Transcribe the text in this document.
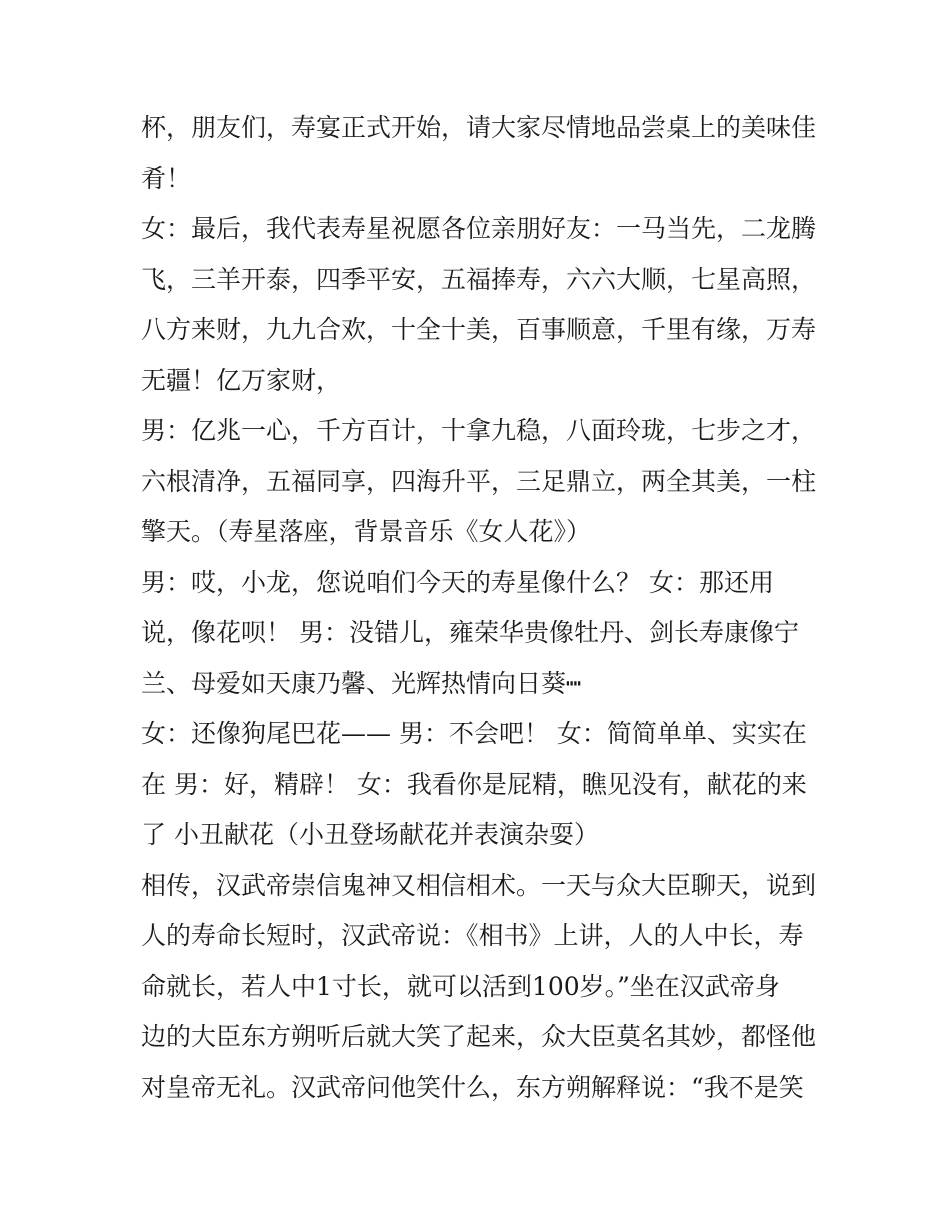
杯，朋友们，寿宴正式开始，请大家尽情地品尝桌上的美味佳
肴！
女：最后，我代表寿星祝愿各位亲朋好友：一马当先，二龙腾
飞，三羊开泰，四季平安，五福捧寿，六六大顺，七星高照，
八方来财，九九合欢，十全十美，百事顺意，千里有缘，万寿
无疆！亿万家财，
男：亿兆一心，千方百计，十拿九稳，八面玲珑，七步之才，
六根清净，五福同享，四海升平，三足鼎立，两全其美，一柱
擎天。（寿星落座，背景音乐《女人花》）
男：哎，小龙，您说咱们今天的寿星像什么？ 女：那还用
说，像花呗！ 男：没错儿，雍荣华贵像牡丹、剑长寿康像宁
兰、母爱如天康乃馨、光辉热情向日葵┉
女：还像狗尾巴花—— 男：不会吧！ 女：简简单单、实实在
在 男：好，精辟！ 女：我看你是屁精，瞧见没有，献花的来
了 小丑献花（小丑登场献花并表演杂耍）
相传，汉武帝崇信鬼神又相信相术。一天与众大臣聊天，说到
人的寿命长短时，汉武帝说：《相书》上讲，人的人中长，寿
命就长，若人中1寸长，就可以活到100岁。”坐在汉武帝身
边的大臣东方朔听后就大笑了起来，众大臣莫名其妙，都怪他
对皇帝无礼。汉武帝问他笑什么，东方朔解释说：“我不是笑
